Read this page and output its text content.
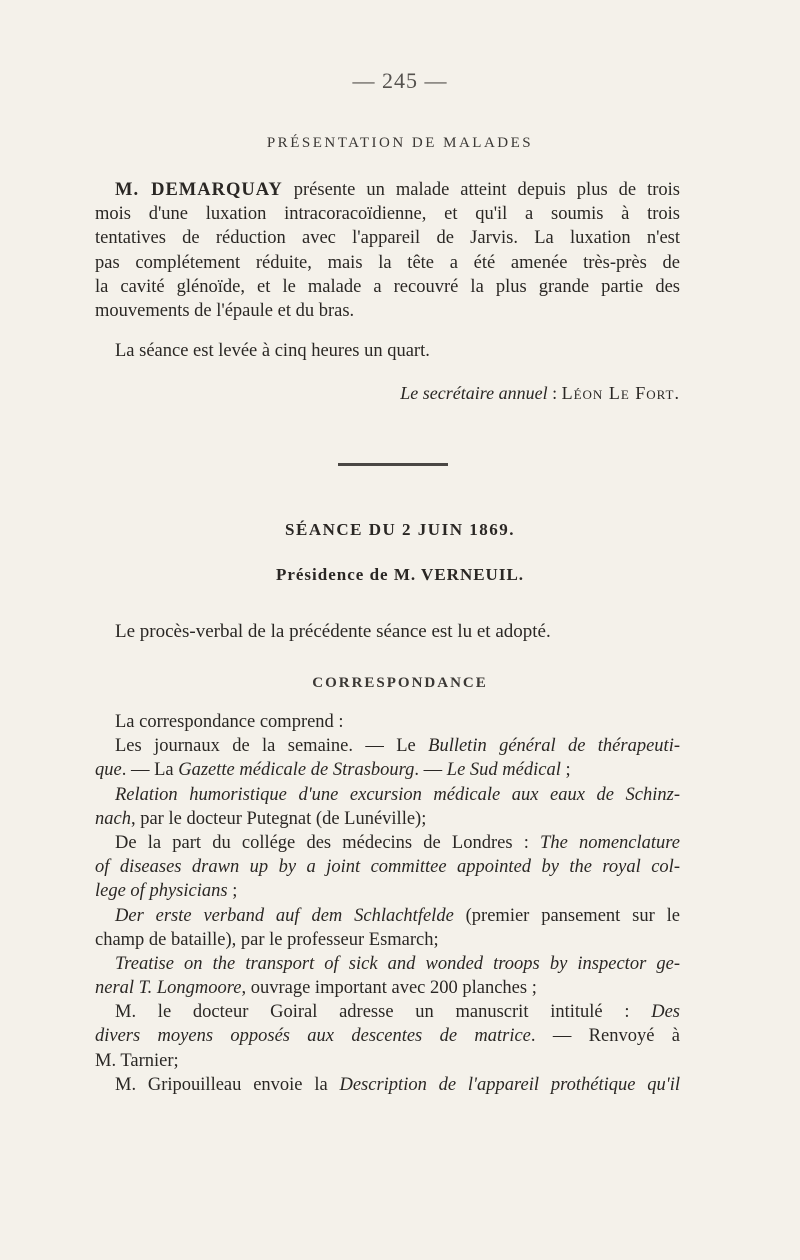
— 245 —
PRÉSENTATION DE MALADES
M. DEMARQUAY présente un malade atteint depuis plus de trois
mois d'une luxation intracoracoïdienne, et qu'il a soumis à trois
tentatives de réduction avec l'appareil de Jarvis. La luxation n'est
pas complétement réduite, mais la tête a été amenée très-près de
la cavité glénoïde, et le malade a recouvré la plus grande partie des
mouvements de l'épaule et du bras.
La séance est levée à cinq heures un quart.
Le secrétaire annuel : Léon Le Fort.
SÉANCE DU 2 JUIN 1869.
Présidence de M. VERNEUIL.
Le procès-verbal de la précédente séance est lu et adopté.
CORRESPONDANCE
La correspondance comprend :
Les journaux de la semaine. — Le Bulletin général de thérapeuti-
que. — La Gazette médicale de Strasbourg. — Le Sud médical ;
Relation humoristique d'une excursion médicale aux eaux de Schinz-
nach, par le docteur Putegnat (de Lunéville);
De la part du collége des médecins de Londres : The nomenclature
of diseases drawn up by a joint committee appointed by the royal col-
lege of physicians ;
Der erste verband auf dem Schlachtfelde (premier pansement sur le
champ de bataille), par le professeur Esmarch;
Treatise on the transport of sick and wonded troops by inspector ge-
neral T. Longmoore, ouvrage important avec 200 planches ;
M. le docteur Goiral adresse un manuscrit intitulé : Des
divers moyens opposés aux descentes de matrice. — Renvoyé à
M. Tarnier;
M. Gripouilleau envoie la Description de l'appareil prothétique qu'il
